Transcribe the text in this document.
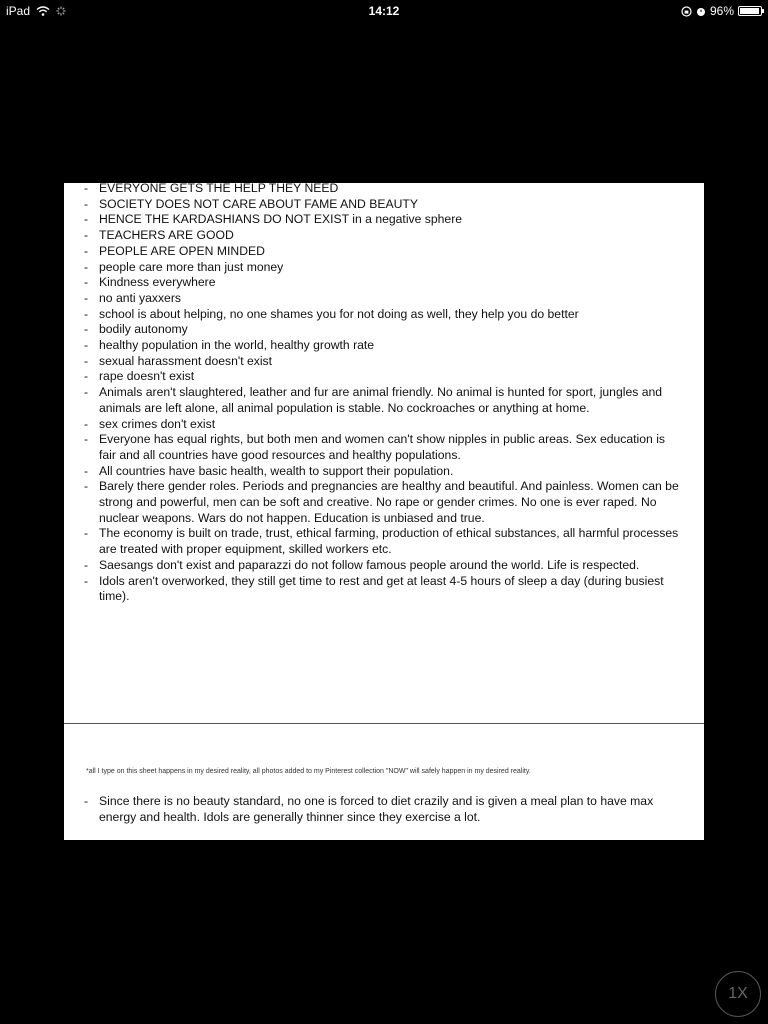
iPad	14:12	96%
- EVERYONE GETS THE HELP THEY NEED
- SOCIETY DOES NOT CARE ABOUT FAME AND BEAUTY
- HENCE THE KARDASHIANS DO NOT EXIST in a negative sphere
- TEACHERS ARE GOOD
- PEOPLE ARE OPEN MINDED
- people care more than just money
- Kindness everywhere
- no anti yaxxers
- school is about helping, no one shames you for not doing as well, they help you do better
- bodily autonomy
- healthy population in the world, healthy growth rate
- sexual harassment doesn't exist
- rape doesn't exist
- Animals aren't slaughtered, leather and fur are animal friendly. No animal is hunted for sport, jungles and animals are left alone, all animal population is stable. No cockroaches or anything at home.
- sex crimes don't exist
- Everyone has equal rights, but both men and women can't show nipples in public areas. Sex education is fair and all countries have good resources and healthy populations.
- All countries have basic health, wealth to support their population.
- Barely there gender roles. Periods and pregnancies are healthy and beautiful. And painless. Women can be strong and powerful, men can be soft and creative. No rape or gender crimes. No one is ever raped. No nuclear weapons. Wars do not happen. Education is unbiased and true.
- The economy is built on trade, trust, ethical farming, production of ethical substances, all harmful processes are treated with proper equipment, skilled workers etc.
- Saesangs don't exist and paparazzi do not follow famous people around the world. Life is respected.
- Idols aren't overworked, they still get time to rest and get at least 4-5 hours of sleep a day (during busiest time).
*all I type on this sheet happens in my desired reality, all photos added to my Pinterest collection "NOW" will safely happen in my desired reality.
- Since there is no beauty standard, no one is forced to diet crazily and is given a meal plan to have max energy and health. Idols are generally thinner since they exercise a lot.
1X
